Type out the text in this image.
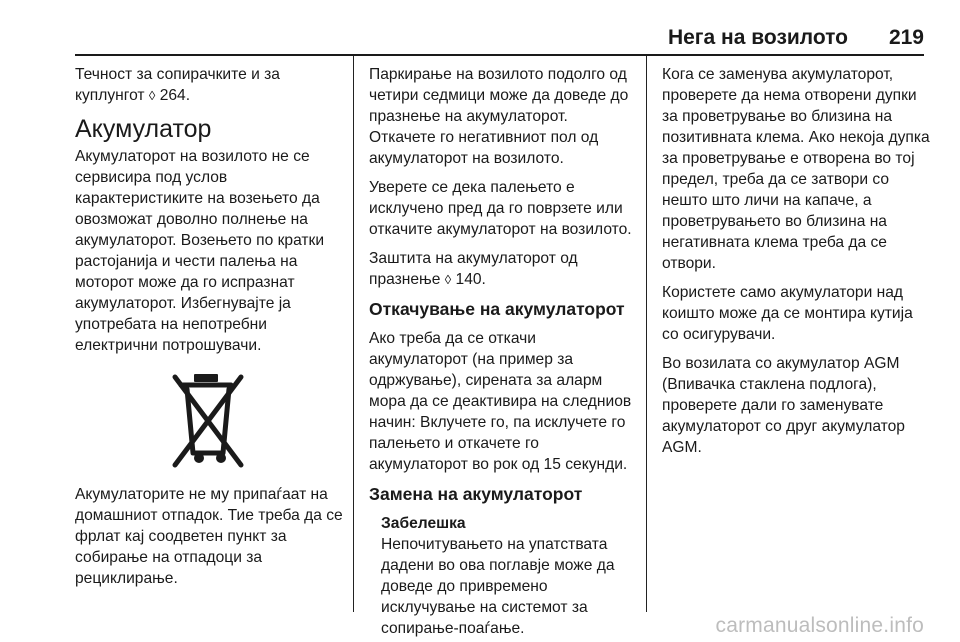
Нега на возилото 219

Течност за сопирачките и за куплунгот ◊ 264.

Акумулатор

Акумулаторот на возилото не се сервисира под услов карактеристиките на возењето да овозможат доволно полнење на акумулаторот. Возењето по кратки растојанија и чести палења на моторот може да го испразнат акумулаторот. Избегнувајте ја употребата на непотребни електрични потрошувачи.

Акумулаторите не му припаѓаат на домашниот отпадок. Тие треба да се фрлат кај соодветен пункт за собирање на отпадоци за рециклирање.

Паркирање на возилото подолго од четири седмици може да доведе до празнење на акумулаторот. Откачете го негативниот пол од акумулаторот на возилото.

Уверете се дека палењето е исклучено пред да го поврзете или откачите акумулаторот на возилото.

Заштита на акумулаторот од празнење ◊ 140.

Откачување на акумулаторот

Ако треба да се откачи акумулаторот (на пример за одржување), сирената за аларм мора да се деактивира на следниов начин: Вклучете го, па исклучете го палењето и откачете го акумулаторот во рок од 15 секунди.

Замена на акумулаторот
Забелешка

Непочитувањето на упатствата дадени во ова поглавје може да доведе до привремено исклучување на системот за сопирање-поаѓање.

Кога се заменува акумулаторот, проверете да нема отворени дупки за проветрување во близина на позитивната клема. Ако некоја дупка за проветрување е отворена во тој предел, треба да се затвори со нешто што личи на капаче, а проветрувањето во близина на негативната клема треба да се отвори.

Користете само акумулатори над коишто може да се монтира кутија со осигурувачи.

Во возилата со акумулатор AGM (Впивачка стаклена подлога), проверете дали го заменувате акумулаторот со друг акумулатор AGM.

carmanualsonline.info
